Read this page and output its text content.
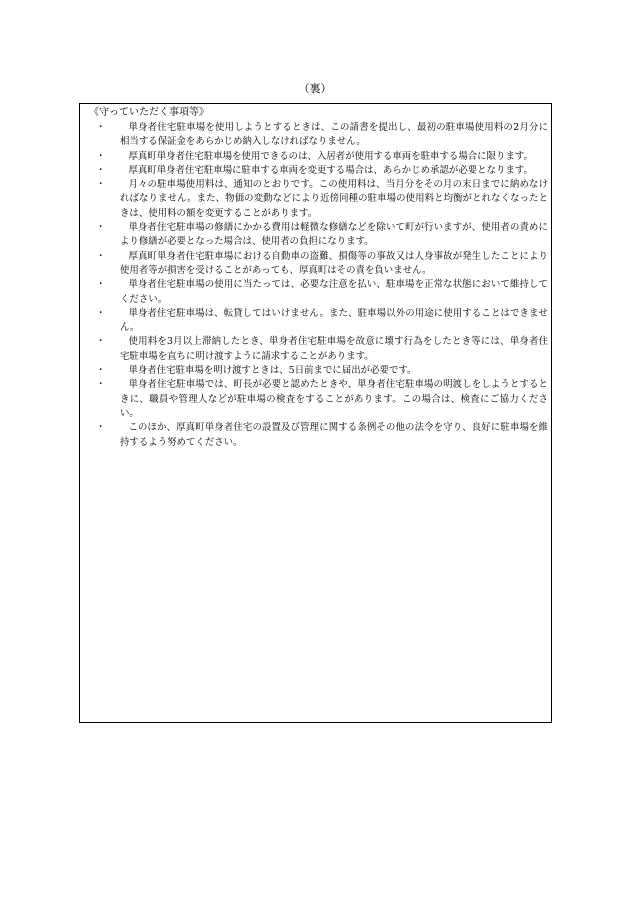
（裏）
《守っていただく事項等》
・	単身者住宅駐車場を使用しようとするときは、この請書を提出し、最初の駐車場使用料の2月分に相当する保証金をあらかじめ納入しなければなりません。
・	厚真町単身者住宅駐車場を使用できるのは、入居者が使用する車両を駐車する場合に限ります。
・	厚真町単身者住宅駐車場に駐車する車両を変更する場合は、あらかじめ承認が必要となります。
・	月々の駐車場使用料は、通知のとおりです。この使用料は、当月分をその月の末日までに納めなければなりません。また、物価の変動などにより近傍同種の駐車場の使用料と均衡がとれなくなったときは、使用料の額を変更することがあります。
・	単身者住宅駐車場の修繕にかかる費用は軽微な修繕などを除いて町が行いますが、使用者の責めにより修繕が必要となった場合は、使用者の負担になります。
・	厚真町単身者住宅駐車場における自動車の盗難、損傷等の事故又は人身事故が発生したことにより使用者等が損害を受けることがあっても、厚真町はその責を負いません。
・	単身者住宅駐車場の使用に当たっては、必要な注意を払い、駐車場を正常な状態において維持してください。
・	単身者住宅駐車場は、転貸してはいけません。また、駐車場以外の用途に使用することはできません。
・	使用料を3月以上滞納したとき、単身者住宅駐車場を故意に壊す行為をしたとき等には、単身者住宅駐車場を直ちに明け渡すように請求することがあります。
・	単身者住宅駐車場を明け渡すときは、5日前までに届出が必要です。
・	単身者住宅駐車場では、町長が必要と認めたときや、単身者住宅駐車場の明渡しをしようとするときに、職員や管理人などが駐車場の検査をすることがあります。この場合は、検査にご協力ください。
・	このほか、厚真町単身者住宅の設置及び管理に関する条例その他の法令を守り、良好に駐車場を維持するよう努めてください。
